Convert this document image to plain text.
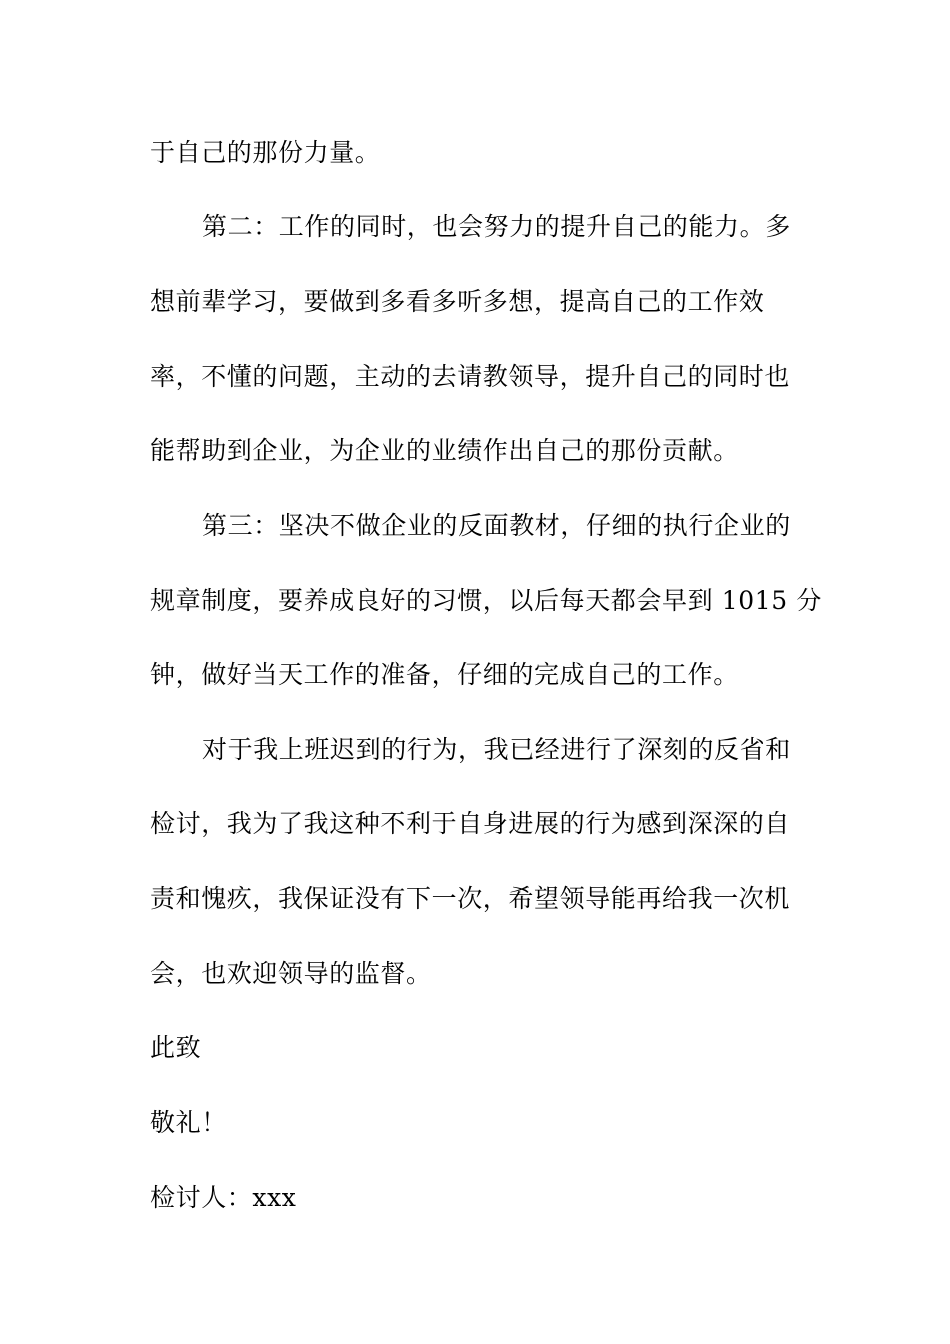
于自己的那份力量。
第二：工作的同时，也会努力的提升自己的能力。多
想前辈学习，要做到多看多听多想，提高自己的工作效
率，不懂的问题，主动的去请教领导，提升自己的同时也
能帮助到企业，为企业的业绩作出自己的那份贡献。
第三：坚决不做企业的反面教材，仔细的执行企业的
规章制度，要养成良好的习惯，以后每天都会早到 1015 分
钟，做好当天工作的准备，仔细的完成自己的工作。
对于我上班迟到的行为，我已经进行了深刻的反省和
检讨，我为了我这种不利于自身进展的行为感到深深的自
责和愧疚，我保证没有下一次，希望领导能再给我一次机
会，也欢迎领导的监督。
此致
敬礼！
检讨人：xxx
